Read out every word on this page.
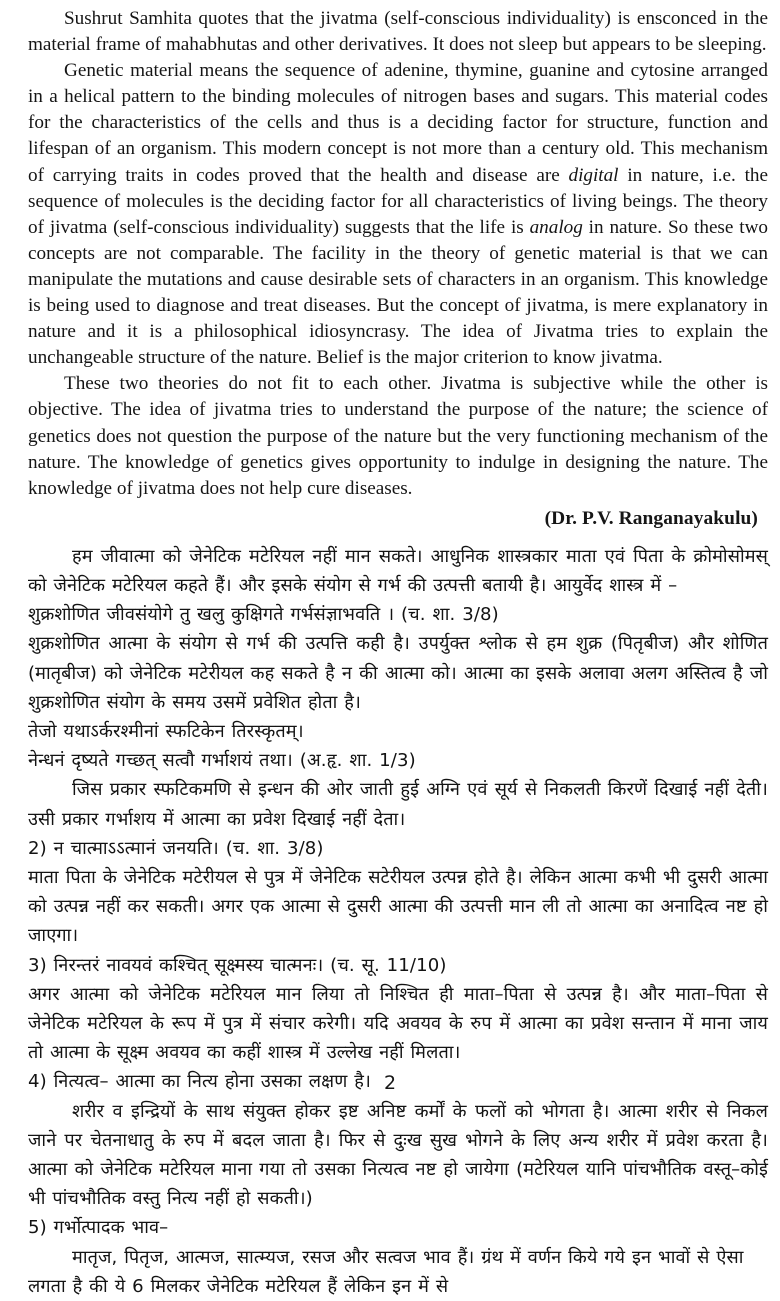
Sushrut Samhita quotes that the jivatma (self-conscious individuality) is ensconced in the material frame of mahabhutas and other derivatives. It does not sleep but appears to be sleeping.

Genetic material means the sequence of adenine, thymine, guanine and cytosine arranged in a helical pattern to the binding molecules of nitrogen bases and sugars. This material codes for the characteristics of the cells and thus is a deciding factor for structure, function and lifespan of an organism. This modern concept is not more than a century old. This mechanism of carrying traits in codes proved that the health and disease are digital in nature, i.e. the sequence of molecules is the deciding factor for all characteristics of living beings. The theory of jivatma (self-conscious individuality) suggests that the life is analog in nature. So these two concepts are not comparable. The facility in the theory of genetic material is that we can manipulate the mutations and cause desirable sets of characters in an organism. This knowledge is being used to diagnose and treat diseases. But the concept of jivatma, is mere explanatory in nature and it is a philosophical idiosyncrasy. The idea of Jivatma tries to explain the unchangeable structure of the nature. Belief is the major criterion to know jivatma.

These two theories do not fit to each other. Jivatma is subjective while the other is objective. The idea of jivatma tries to understand the purpose of the nature; the science of genetics does not question the purpose of the nature but the very functioning mechanism of the nature. The knowledge of genetics gives opportunity to indulge in designing the nature. The knowledge of jivatma does not help cure diseases.

(Dr. P.V. Ranganayakulu)

हम जीवात्मा को जेनेटिक मटेरियल नहीं मान सकते। आधुनिक शास्त्रकार माता एवं पिता के क्रोमोसोमस् को जेनेटिक मटेरियल कहते हैं। और इसके संयोग से गर्भ की उत्पत्ती बतायी है। आयुर्वेद शास्त्र में –

शुक्रशोणित जीवसंयोगे तु खलु कुक्षिगते गर्भसंज्ञाभवति । (च. शा. 3/8)

शुक्रशोणित आत्मा के संयोग से गर्भ की उत्पत्ति कही है। उपर्युक्त श्लोक से हम शुक्र (पितृबीज) और शोणित (मातृबीज) को जेनेटिक मटेरीयल कह सकते है न की आत्मा को। आत्मा का इसके अलावा अलग अस्तित्व है जो शुक्रशोणित संयोग के समय उसमें प्रवेशित होता है।

तेजो यथाऽर्करश्मीनां स्फटिकेन तिरस्कृतम्।

नेन्धनं दृष्यते गच्छत् सत्वौ गर्भाशयं तथा। (अ.हृ. शा. 1/3)

जिस प्रकार स्फटिकमणि से इन्धन की ओर जाती हुई अग्नि एवं सूर्य से निकलती किरणें दिखाई नहीं देती। उसी प्रकार गर्भाशय में आत्मा का प्रवेश दिखाई नहीं देता।

2) न चात्माऽऽत्मानं जनयति। (च. शा. 3/8)

माता पिता के जेनेटिक मटेरीयल से पुत्र में जेनेटिक सटेरीयल उत्पन्न होते है। लेकिन आत्मा कभी भी दुसरी आत्मा को उत्पन्न नहीं कर सकती। अगर एक आत्मा से दुसरी आत्मा की उत्पत्ती मान ली तो आत्मा का अनादित्व नष्ट हो जाएगा।

3) निरन्तरं नावयवं कश्चित् सूक्ष्मस्य चात्मनः। (च. सू. 11/10)

अगर आत्मा को जेनेटिक मटेरियल मान लिया तो निश्चित ही माता–पिता से उत्पन्न है। और माता–पिता से जेनेटिक मटेरियल के रूप में पुत्र में संचार करेगी। यदि अवयव के रुप में आत्मा का प्रवेश सन्तान में माना जाय तो आत्मा के सूक्ष्म अवयव का कहीं शास्त्र में उल्लेख नहीं मिलता।

4) नित्यत्व– आत्मा का नित्य होना उसका लक्षण है।

शरीर व इन्द्रियों के साथ संयुक्त होकर इष्ट अनिष्ट कर्मों के फलों को भोगता है। आत्मा शरीर से निकल जाने पर चेतनाधातु के रुप में बदल जाता है। फिर से दुःख सुख भोगने के लिए अन्य शरीर में प्रवेश करता है। आत्मा को जेनेटिक मटेरियल माना गया तो उसका नित्यत्व नष्ट हो जायेगा (मटेरियल यानि पांचभौतिक वस्तू–कोई भी पांचभौतिक वस्तु नित्य नहीं हो सकती।)

5) गर्भोत्पादक भाव–

मातृज, पितृज, आत्मज, सात्म्यज, रसज और सत्वज भाव हैं। ग्रंथ में वर्णन किये गये इन भावों से ऐसा लगता है की ये 6 मिलकर जेनेटिक मटेरियल हैं लेकिन इन में से

2
